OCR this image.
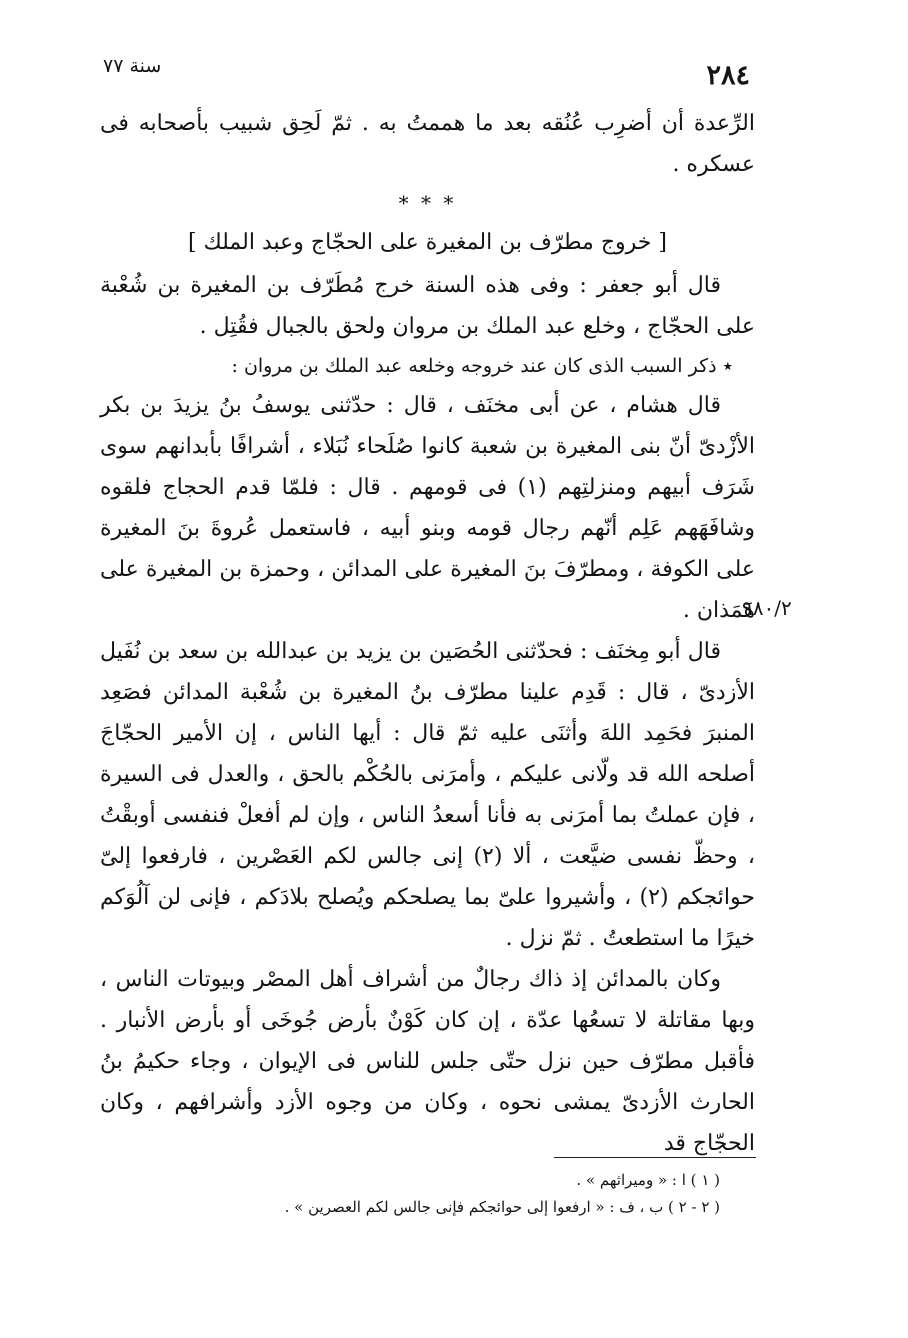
سنة ٧٧	٢٨٤

الرِّعدة أن أضرِب عُنُقه بعد ما هممتُ به . ثمّ لَحِق شبيب بأصحابه فى عسكره .

* * *

[ خروج مطرّف بن المغيرة على الحجّاج وعبد الملك ]

قال أبو جعفر : وفى هذه السنة خرج مُطَرّف بن المغيرة بن شُعْبة على الحجّاج ، وخلع عبد الملك بن مروان ولحق بالجبال فقُتِل .

٭ ذكر السبب الذى كان عند خروجه وخلعه عبد الملك بن مروان :

قال هشام ، عن أبى مخنَف ، قال : حدّثنى يوسفُ بنُ يزيدَ بن بكر الأزْدىّ أنّ بنى المغيرة بن شعبة كانوا صُلَحاء نُبَلاء ، أشرافًا بأبدانهم سوى شَرَف أبيهم ومنزلتِهم (١) فى قومهم . قال : فلمّا قدم الحجاج فلقوه وشافَهَهم عَلِم أنّهم رجال قومه وبنو أبيه ، فاستعمل عُروةَ بنَ المغيرة على الكوفة ، ومطرّفَ بنَ المغيرة على المدائن ، وحمزة بن المغيرة على هَمَذان .

قال أبو مِخنَف : فحدّثنى الحُصَين بن يزيد بن عبدالله بن سعد بن نُفَيل الأزدىّ ، قال : قَدِم علينا مطرّف بنُ المغيرة بن شُعْبة المدائن فصَعِد المنبرَ فحَمِد اللهَ وأثنَى عليه ثمّ قال : أيها الناس ، إن الأمير الحجّاجَ أصلحه الله قد ولّانى عليكم ، وأمرَنى بالحُكْم بالحق ، والعدل فى السيرة ، فإن عملتُ بما أمرَنى به فأنا أسعدُ الناس ، وإن لم أفعلْ فنفسى أوبقْتُ ، وحظّ نفسى ضيَّعت ، ألا (٢) إنى جالس لكم العَصْرين ، فارفعوا إلىّ حوائجكم (٢) ، وأشيروا علىّ بما يصلحكم ويُصلح بلادَكم ، فإنى لن آلُوَكم خيرًا ما استطعتُ . ثمّ نزل .

وكان بالمدائن إذ ذاك رجالٌ من أشراف أهل المصْر وبيوتات الناس ، وبها مقاتلة لا تسعُها عدّة ، إن كان كَوْنٌ بأرض جُوخَى أو بأرض الأنبار . فأقبل مطرّف حين نزل حتّى جلس للناس فى الإيوان ، وجاء حكيمُ بنُ الحارث الأزدىّ يمشى نحوه ، وكان من وجوه الأزد وأشرافهم ، وكان الحجّاج قد

٩٨٠/٢

( ١ ) ا : « وميراثهم » .

( ٢ - ٢ ) ب ، ف : « ارفعوا إلى حوائجكم فإنى جالس لكم العصرين » .
